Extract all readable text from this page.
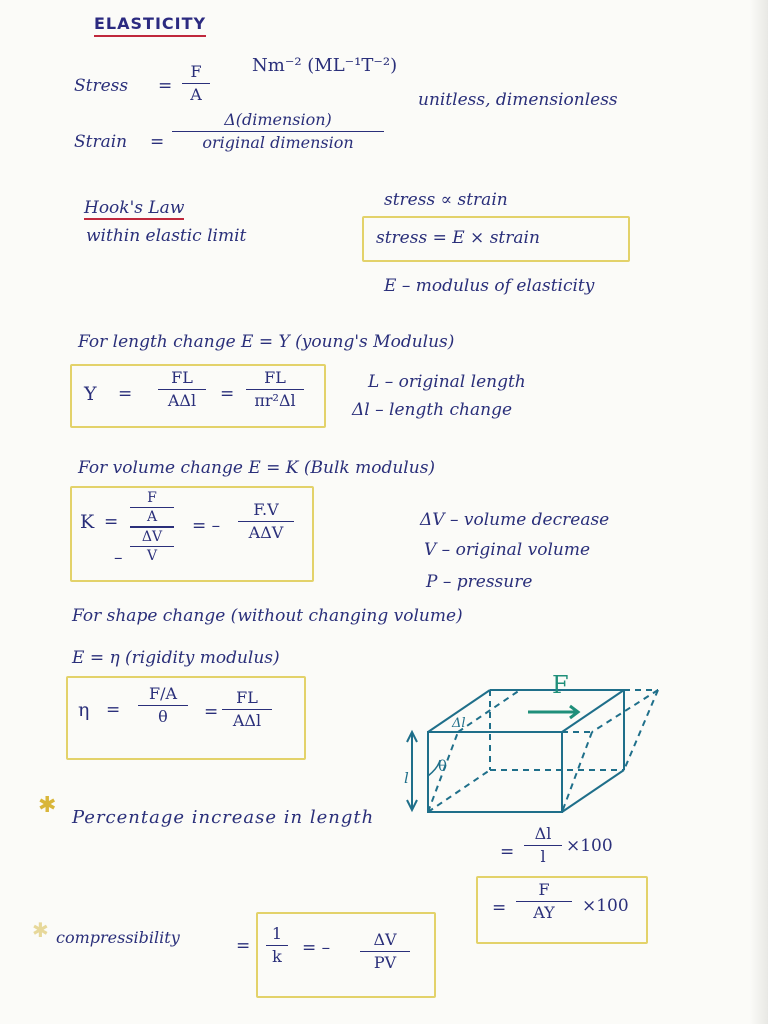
ELASTICITY
Stress =
F
A
Nm⁻² (ML⁻¹T⁻²)
Strain =
Δ(dimension)
original dimension
unitless, dimensionless
Hook's Law
within elastic limit
stress ∝ strain
stress = E × strain
E – modulus of elasticity
For length change E = Y (young's Modulus)
Y =
FL
AΔl	=
FL
πr²Δl
L – original length
Δl – length change
For volume change E = K (Bulk modulus)
K =
F
A
ΔV
V
–
= –
F.V
AΔV
ΔV – volume decrease
V – original volume
P – pressure
For shape change (without changing volume)
E = η (rigidity modulus)
η =
F/A
θ	=
FL
AΔl
F
Δl
θ
l
✱ Percentage increase in length
=
Δl
l
×100
=
F
AY	×100
✱ compressibility	=
1
k	= –	ΔV
PV
